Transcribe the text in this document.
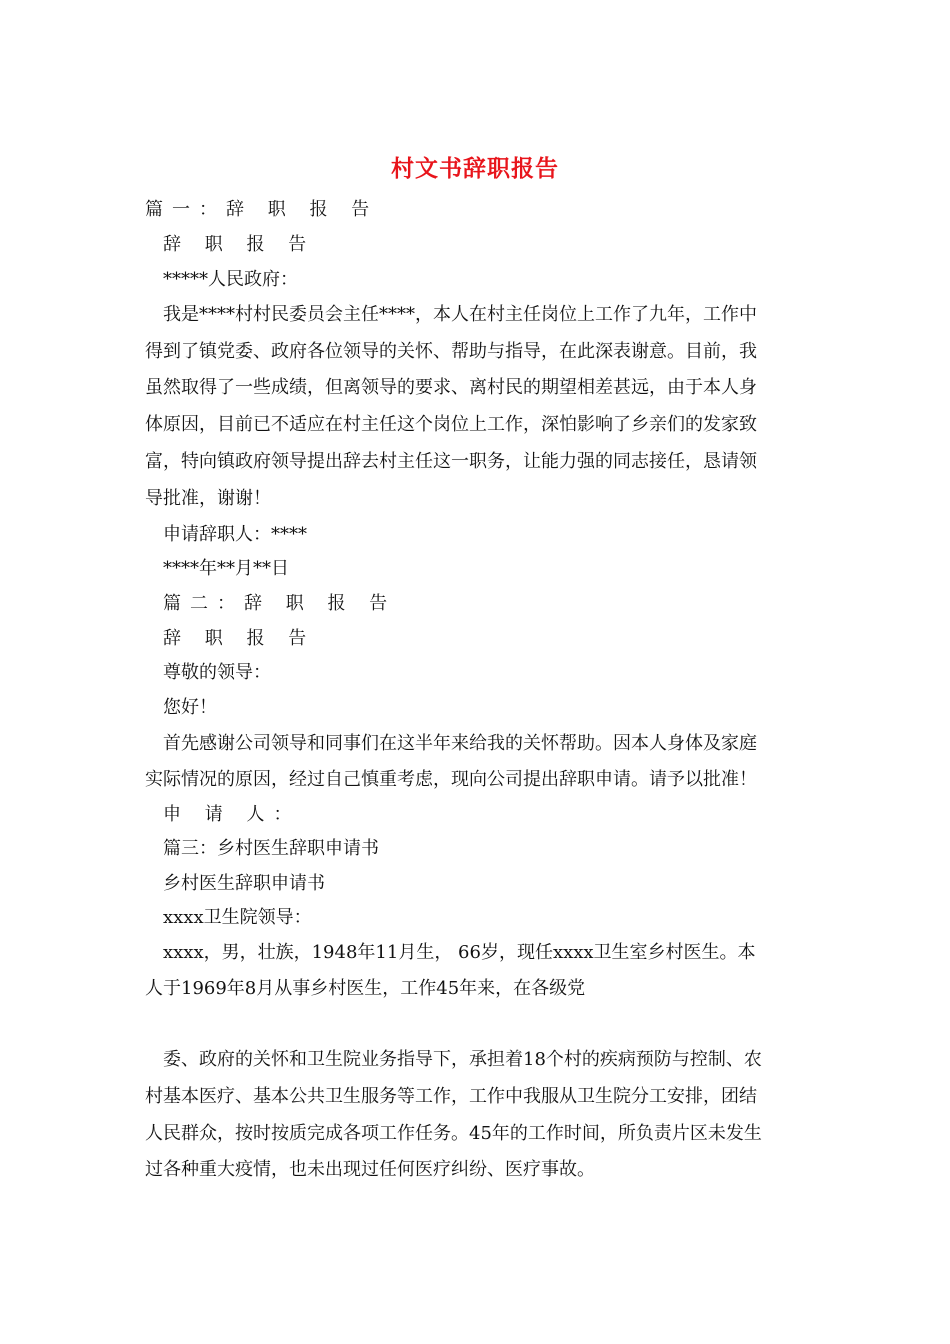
村文书辞职报告
篇一：辞 职 报 告
辞 职 报 告
*****人民政府：
我是****村村民委员会主任****，本人在村主任岗位上工作了九年，工作中
得到了镇党委、政府各位领导的关怀、帮助与指导，在此深表谢意。目前，我
虽然取得了一些成绩，但离领导的要求、离村民的期望相差甚远，由于本人身
体原因，目前已不适应在村主任这个岗位上工作，深怕影响了乡亲们的发家致
富，特向镇政府领导提出辞去村主任这一职务，让能力强的同志接任，恳请领
导批准，谢谢！
申请辞职人：****
****年**月**日
篇二：辞 职 报 告
辞 职 报 告
尊敬的领导：
您好！
首先感谢公司领导和同事们在这半年来给我的关怀帮助。因本人身体及家庭
实际情况的原因，经过自己慎重考虑，现向公司提出辞职申请。请予以批准！
申 请 人：
篇三：乡村医生辞职申请书
乡村医生辞职申请书
xxxx卫生院领导：
xxxx，男，壮族，1948年11月生， 66岁，现任xxxx卫生室乡村医生。本
人于1969年8月从事乡村医生，工作45年来，在各级党
委、政府的关怀和卫生院业务指导下，承担着18个村的疾病预防与控制、农
村基本医疗、基本公共卫生服务等工作，工作中我服从卫生院分工安排，团结
人民群众，按时按质完成各项工作任务。45年的工作时间，所负责片区未发生
过各种重大疫情，也未出现过任何医疗纠纷、医疗事故。
